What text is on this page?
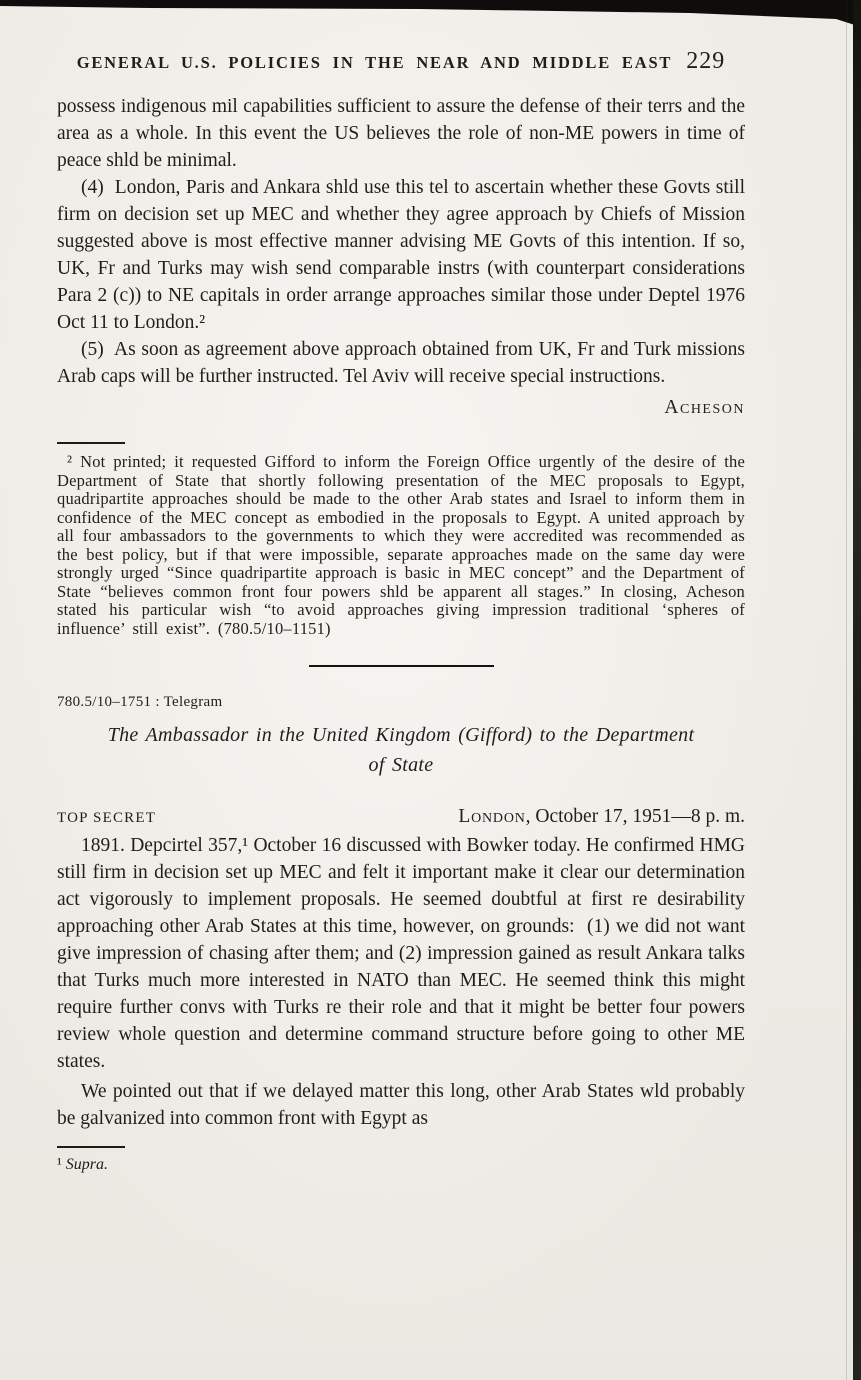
GENERAL U.S. POLICIES IN THE NEAR AND MIDDLE EAST 229

possess indigenous mil capabilities sufficient to assure the defense of their terrs and the area as a whole. In this event the US believes the role of non-ME powers in time of peace shld be minimal.

(4)  London, Paris and Ankara shld use this tel to ascertain whether these Govts still firm on decision set up MEC and whether they agree approach by Chiefs of Mission suggested above is most effective manner advising ME Govts of this intention. If so, UK, Fr and Turks may wish send comparable instrs (with counterpart considerations Para 2 (c)) to NE capitals in order arrange approaches similar those under Deptel 1976 Oct 11 to London.²

(5)  As soon as agreement above approach obtained from UK, Fr and Turk missions Arab caps will be further instructed. Tel Aviv will receive special instructions.

Acheson

² Not printed; it requested Gifford to inform the Foreign Office urgently of the desire of the Department of State that shortly following presentation of the MEC proposals to Egypt, quadripartite approaches should be made to the other Arab states and Israel to inform them in confidence of the MEC concept as embodied in the proposals to Egypt. A united approach by all four ambassadors to the governments to which they were accredited was recommended as the best policy, but if that were impossible, separate approaches made on the same day were strongly urged “Since quadripartite approach is basic in MEC concept” and the Department of State “believes common front four powers shld be apparent all stages.” In closing, Acheson stated his particular wish “to avoid approaches giving impression traditional ‘spheres of influence’ still exist”. (780.5/10–1151)

780.5/10–1751 : Telegram
The Ambassador in the United Kingdom (Gifford) to the Department
of State
TOP SECRET	London, October 17, 1951—8 p. m.

1891. Depcirtel 357,¹ October 16 discussed with Bowker today. He confirmed HMG still firm in decision set up MEC and felt it important make it clear our determination act vigorously to implement proposals. He seemed doubtful at first re desirability approaching other Arab States at this time, however, on grounds:  (1) we did not want give impression of chasing after them; and (2) impression gained as result Ankara talks that Turks much more interested in NATO than MEC. He seemed think this might require further convs with Turks re their role and that it might be better four powers review whole question and determine command structure before going to other ME states.

We pointed out that if we delayed matter this long, other Arab States wld probably be galvanized into common front with Egypt as

¹ Supra.
